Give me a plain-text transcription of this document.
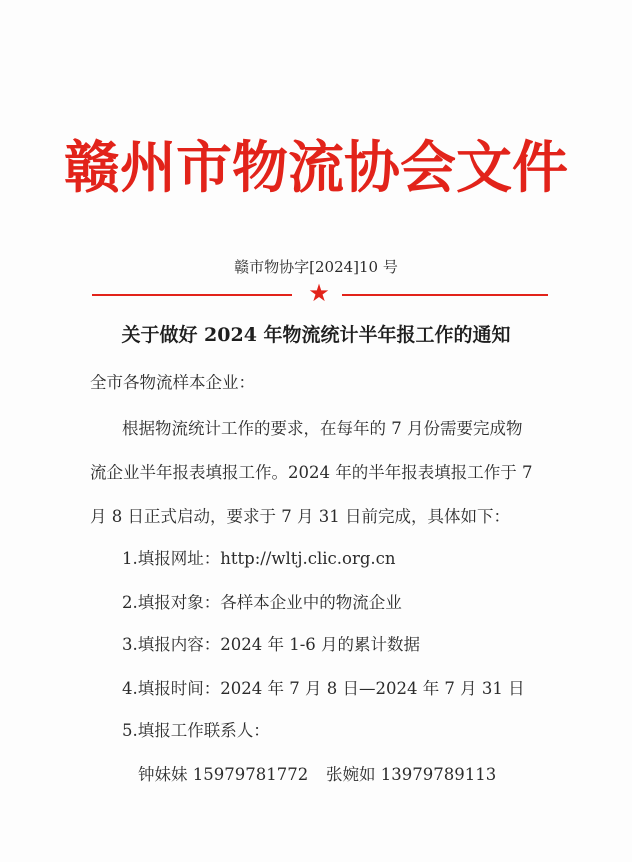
赣州市物流协会文件
赣市物协字[2024]10 号
★
关于做好 2024 年物流统计半年报工作的通知
全市各物流样本企业：
根据物流统计工作的要求，在每年的 7 月份需要完成物
流企业半年报表填报工作。2024 年的半年报表填报工作于 7
月 8 日正式启动，要求于 7 月 31 日前完成，具体如下：
1.填报网址：http://wltj.clic.org.cn
2.填报对象：各样本企业中的物流企业
3.填报内容：2024 年 1-6 月的累计数据
4.填报时间：2024 年 7 月 8 日—2024 年 7 月 31 日
5.填报工作联系人：
钟妹妹 15979781772 张婉如 13979789113
